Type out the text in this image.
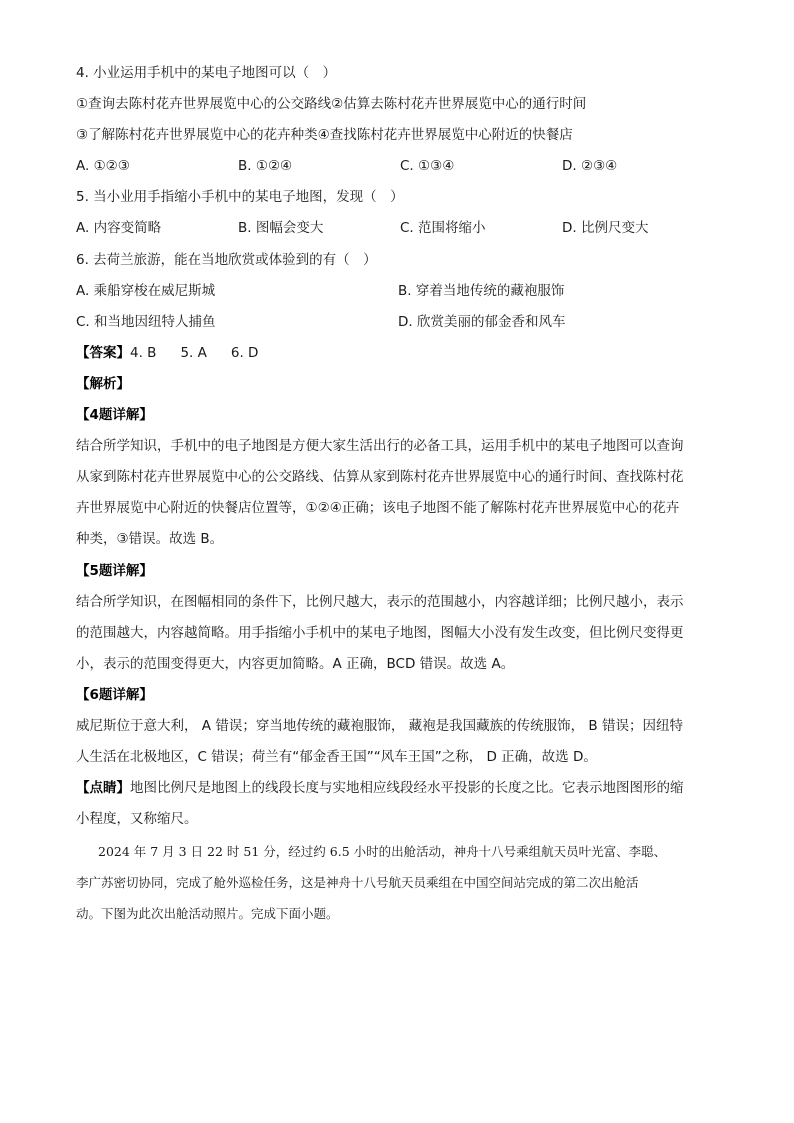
4. 小业运用手机中的某电子地图可以（　）
①查询去陈村花卉世界展览中心的公交路线②估算去陈村花卉世界展览中心的通行时间
③了解陈村花卉世界展览中心的花卉种类④查找陈村花卉世界展览中心附近的快餐店
A. ①②③	B. ①②④	C. ①③④	D. ②③④
5. 当小业用手指缩小手机中的某电子地图，发现（　）
A. 内容变简略	B. 图幅会变大	C. 范围将缩小	D. 比例尺变大
6. 去荷兰旅游，能在当地欣赏或体验到的有（　）
A. 乘船穿梭在威尼斯城	B. 穿着当地传统的藏袍服饰
C. 和当地因纽特人捕鱼	D. 欣赏美丽的郁金香和风车
【答案】4. B 5. A 6. D
【解析】
【4题详解】
结合所学知识，手机中的电子地图是方便大家生活出行的必备工具，运用手机中的某电子地图可以查询
从家到陈村花卉世界展览中心的公交路线、估算从家到陈村花卉世界展览中心的通行时间、查找陈村花
卉世界展览中心附近的快餐店位置等，①②④正确；该电子地图不能了解陈村花卉世界展览中心的花卉
种类，③错误。故选 B。
【5题详解】
结合所学知识，在图幅相同的条件下，比例尺越大，表示的范围越小，内容越详细；比例尺越小，表示
的范围越大，内容越简略。用手指缩小手机中的某电子地图，图幅大小没有发生改变，但比例尺变得更
小，表示的范围变得更大，内容更加简略。A 正确，BCD 错误。故选 A。
【6题详解】
威尼斯位于意大利， A 错误；穿当地传统的藏袍服饰， 藏袍是我国藏族的传统服饰， B 错误；因纽特
人生活在北极地区，C 错误；荷兰有“郁金香王国”“风车王国”之称， D 正确，故选 D。
【点睛】地图比例尺是地图上的线段长度与实地相应线段经水平投影的长度之比。它表示地图图形的缩
小程度，又称缩尺。
2024 年 7 月 3 日 22 时 51 分，经过约 6.5 小时的出舱活动，神舟十八号乘组航天员叶光富、李聪、
李广苏密切协同，完成了舱外巡检任务，这是神舟十八号航天员乘组在中国空间站完成的第二次出舱活
动。下图为此次出舱活动照片。完成下面小题。
